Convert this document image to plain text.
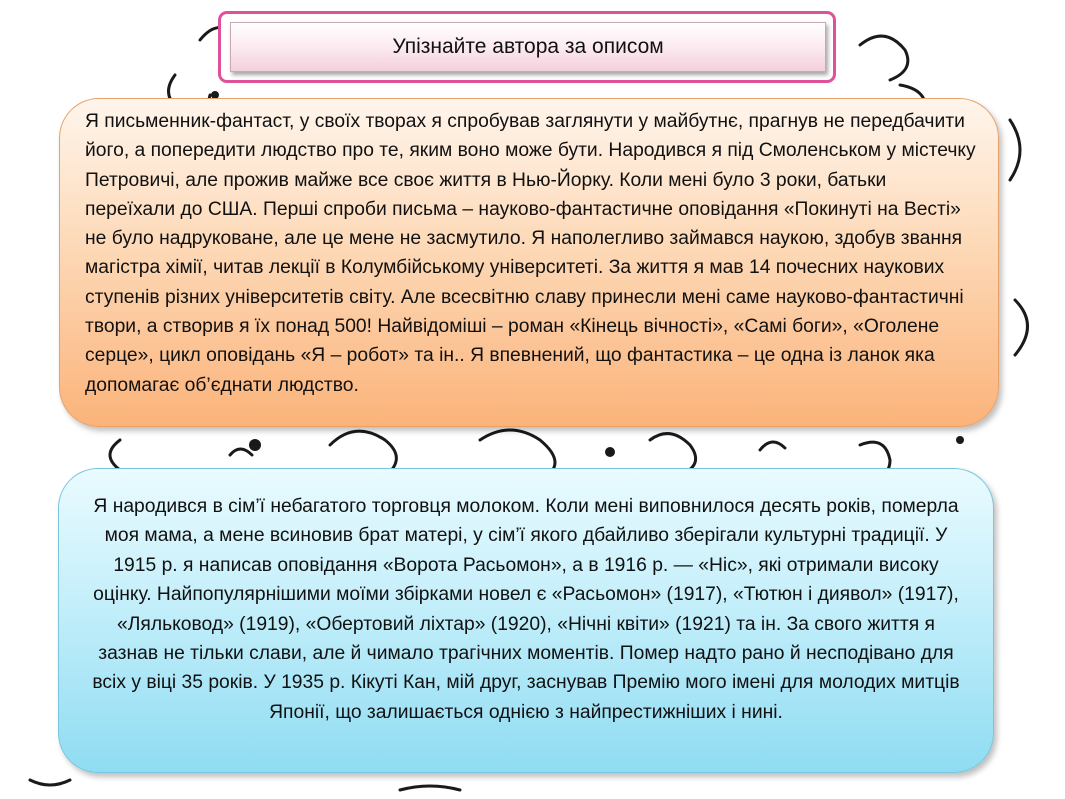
Упізнайте автора за описом
Я письменник-фантаст, у своїх творах я спробував заглянути у майбутнє, прагнув не передбачити його, а попередити людство про те, яким воно може бути. Народився я під Смоленськом у містечку Петровичі, але прожив майже все своє життя в Нью-Йорку. Коли мені було 3 роки, батьки переїхали до США. Перші спроби письма – науково-фантастичне оповідання «Покинуті на Весті» не було надруковане, але це мене не засмутило. Я наполегливо займався наукою, здобув звання магістра хімії, читав лекції в Колумбійському університеті. За життя я мав 14 почесних наукових ступенів різних університетів світу. Але всесвітню славу принесли мені саме науково-фантастичні твори, а створив я їх понад 500! Найвідоміші – роман «Кінець вічності», «Самі боги», «Оголене серце», цикл оповідань «Я – робот» та ін.. Я впевнений, що фантастика – це одна із ланок яка допомагає об’єднати людство.
Я народився в сім’ї небагатого торговця молоком. Коли мені виповнилося десять років, померла моя мама, а мене всиновив брат матері, у сім’ї якого дбайливо зберігали культурні традиції. У 1915 р. я написав оповідання «Ворота Расьомон», а в 1916 р. — «Ніс», які отримали високу оцінку. Найпопулярнішими моїми збірками новел є «Расьомон» (1917), «Тютюн і диявол» (1917), «Ляльковод» (1919), «Обертовий ліхтар» (1920), «Нічні квіти» (1921) та ін. За свого життя я зазнав не тільки слави, але й чимало трагічних моментів. Помер надто рано й несподівано для всіх у віці 35 років. У 1935 р. Кікуті Кан, мій друг, заснував Премію мого імені для молодих митців Японії, що залишається однією з найпрестижніших і нині.
